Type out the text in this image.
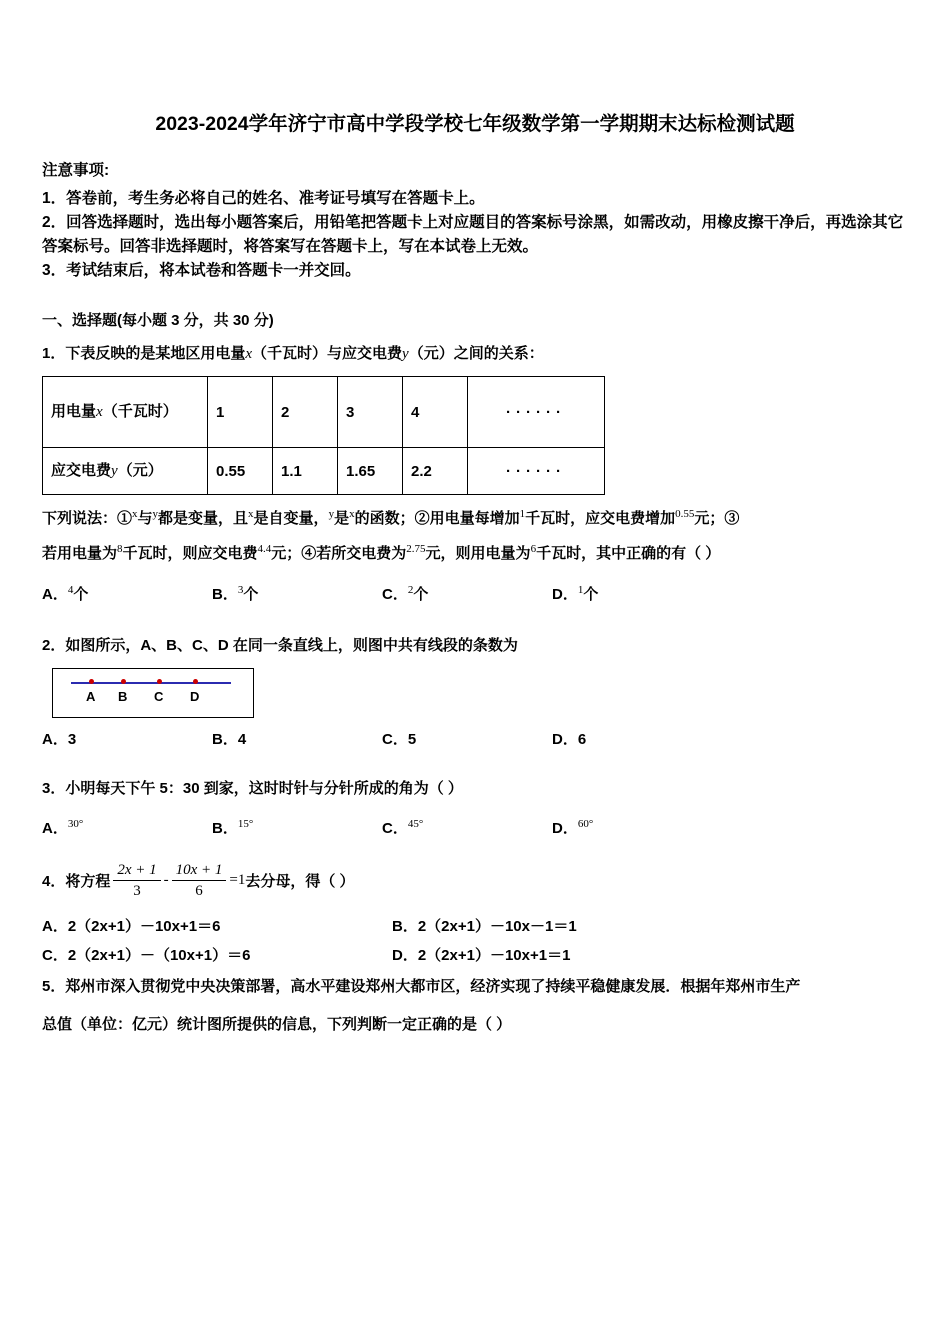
2023-2024学年济宁市高中学段学校七年级数学第一学期期末达标检测试题
注意事项:
1．答卷前，考生务必将自己的姓名、准考证号填写在答题卡上。
2．回答选择题时，选出每小题答案后，用铅笔把答题卡上对应题目的答案标号涂黑，如需改动，用橡皮擦干净后，再选涂其它答案标号。回答非选择题时，将答案写在答题卡上，写在本试卷上无效。
3．考试结束后，将本试卷和答题卡一并交回。
一、选择题(每小题 3 分，共 30 分)
1．下表反映的是某地区用电量x（千瓦时）与应交电费y（元）之间的关系：
用电量x（千瓦时）	1	2	3	4	······
应交电费y（元）	0.55	1.1	1.65	2.2	······
下列说法：①$^x$与$^y$都是变量，且$^x$是自变量，$^y$是$^x$的函数；②用电量每增加$^1$千瓦时，应交电费增加$^{0.55}$元；③
若用电量为$^8$千瓦时，则应交电费$^{4.4}$元；④若所交电费为$^{2.75}$元，则用电量为$^6$千瓦时，其中正确的有（ ）
A．$^4$个	B．$^3$个	C．$^2$个	D．$^1$个
2．如图所示，A、B、C、D 在同一条直线上，则图中共有线段的条数为
A B C D
A．3	B．4	C．5	D．6
3．小明每天下午 5：30 到家，这时时针与分针所成的角为（ ）
A．$^{30^\circ}$	B．$^{15^\circ}$	C．$^{45^\circ}$	D．$^{60^\circ}$
4．将方程 $\frac{2x + 1}{3} - \frac{10x + 1}{6} =1$ 去分母，得（ ）
A．2（2x+1）－10x+1＝6	B．2（2x+1）－10x－1＝1
C．2（2x+1）－（10x+1）＝6	D．2（2x+1）－10x+1＝1
5．郑州市深入贯彻党中央决策部署，高水平建设郑州大都市区，经济实现了持续平稳健康发展．根据年郑州市生产
总值（单位：亿元）统计图所提供的信息，下列判断一定正确的是（ ）
